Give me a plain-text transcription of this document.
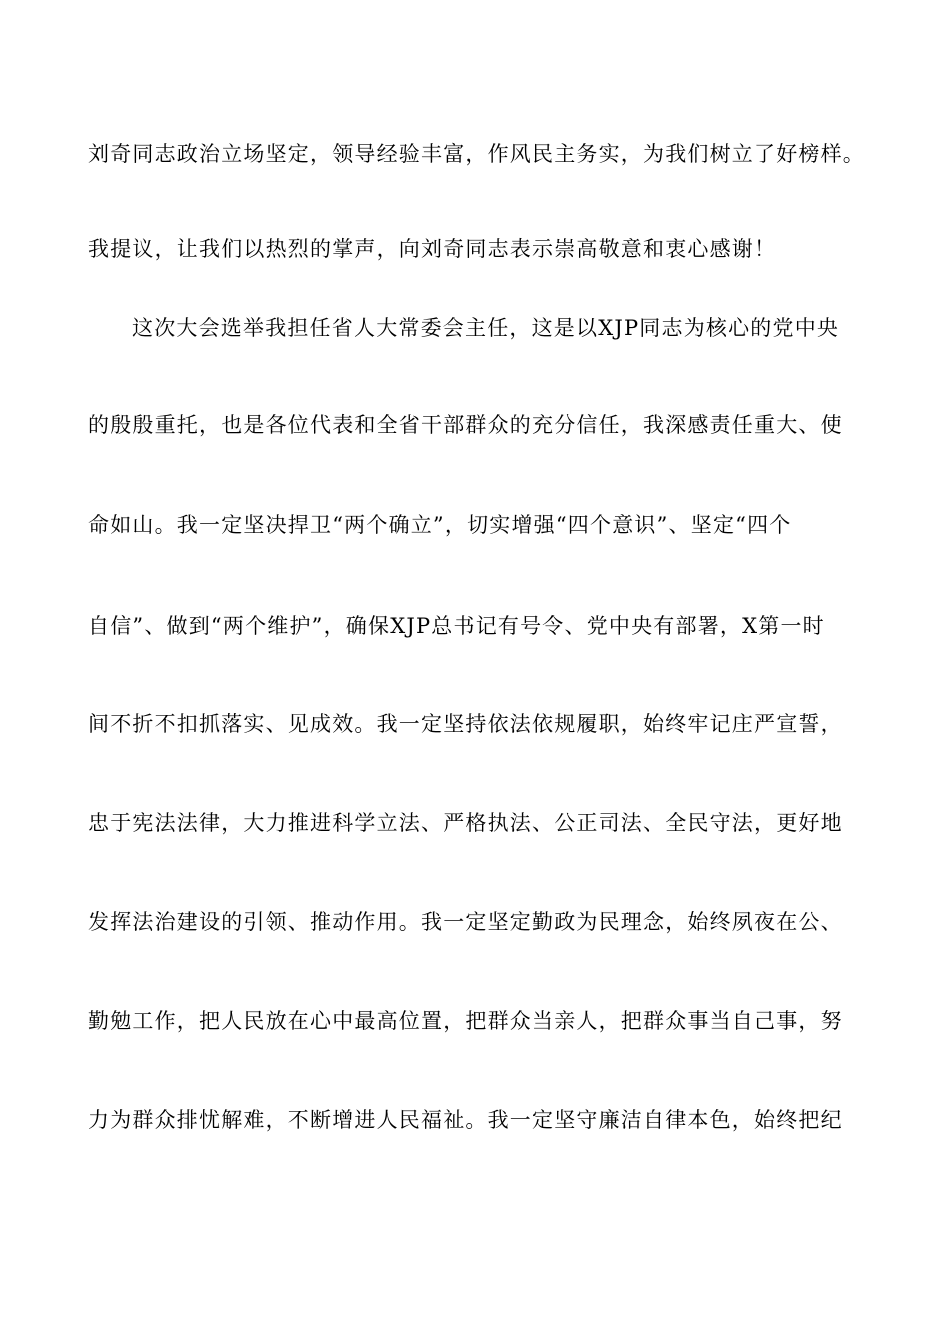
刘奇同志政治立场坚定，领导经验丰富，作风民主务实，为我们树立了好榜样。
我提议，让我们以热烈的掌声，向刘奇同志表示崇高敬意和衷心感谢！
这次大会选举我担任省人大常委会主任，这是以XJP同志为核心的党中央
的殷殷重托，也是各位代表和全省干部群众的充分信任，我深感责任重大、使
命如山。我一定坚决捍卫“两个确立”，切实增强“四个意识”、坚定“四个
自信”、做到“两个维护”，确保XJP总书记有号令、党中央有部署，X第一时
间不折不扣抓落实、见成效。我一定坚持依法依规履职，始终牢记庄严宣誓，
忠于宪法法律，大力推进科学立法、严格执法、公正司法、全民守法，更好地
发挥法治建设的引领、推动作用。我一定坚定勤政为民理念，始终夙夜在公、
勤勉工作，把人民放在心中最高位置，把群众当亲人，把群众事当自己事，努
力为群众排忧解难，不断增进人民福祉。我一定坚守廉洁自律本色，始终把纪
